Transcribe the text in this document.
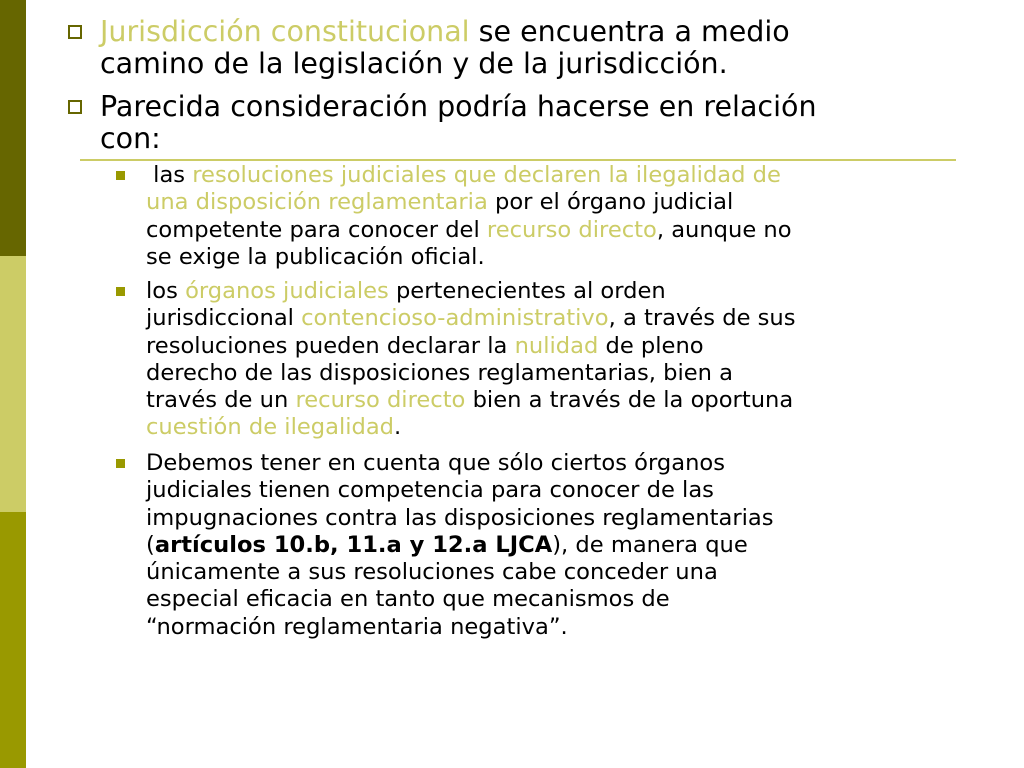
Jurisdicción constitucional se encuentra a medio
camino de la legislación y de la jurisdicción.
Parecida consideración podría hacerse en relación
con:
las resoluciones judiciales que declaren la ilegalidad de
una disposición reglamentaria por el órgano judicial
competente para conocer del recurso directo, aunque no
se exige la publicación oficial.
los órganos judiciales pertenecientes al orden
jurisdiccional contencioso-administrativo, a través de sus
resoluciones pueden declarar la nulidad de pleno
derecho de las disposiciones reglamentarias, bien a
través de un recurso directo bien a través de la oportuna
cuestión de ilegalidad.
Debemos tener en cuenta que sólo ciertos órganos
judiciales tienen competencia para conocer de las
impugnaciones contra las disposiciones reglamentarias
(artículos 10.b, 11.a y 12.a LJCA), de manera que
únicamente a sus resoluciones cabe conceder una
especial eficacia en tanto que mecanismos de
“normación reglamentaria negativa”.
